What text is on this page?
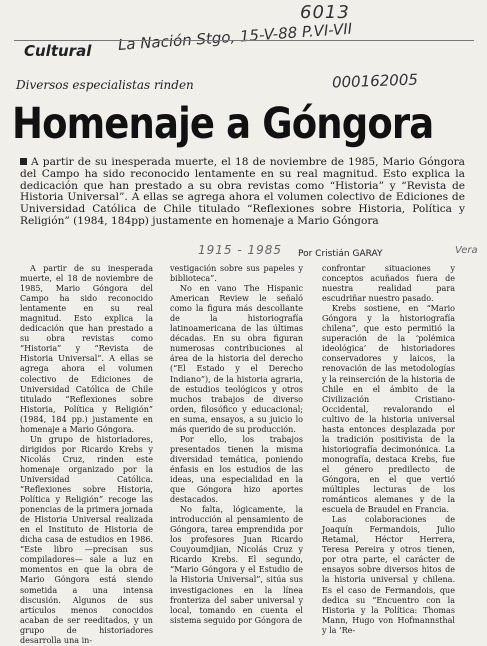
6013
La Nación Stgo, 15-V-88 P.VI-VII
000162005
Cultural
Diversos especialistas rinden
Homenaje a Góngora
A partir de su inesperada muerte, el 18 de noviembre de 1985, Mario Góngora del Campo ha sido reconocido lentamente en su real magnitud. Esto explica la dedicación que han prestado a su obra revistas como “Historia” y “Revista de Historia Universal”. A ellas se agrega ahora el volumen colectivo de Ediciones de Universidad Católica de Chile titulado “Reflexiones sobre Historia, Política y Religión” (1984, 184pp) justamente en homenaje a Mario Góngora
1915 - 1985 Por Cristián GARAY	Vera

A partir de su inesperada muerte, el 18 de noviembre de 1985, Mario Góngora del Campo ha sido reconocido lentamente en su real magnitud. Esto explica la dedicación que han prestado a su obra revistas como “Historia” y “Revista de Historia Universal”. A ellas se agrega ahora el volumen colectivo de Ediciones de Universidad Católica de Chile titulado “Reflexiones sobre Historia, Política y Religión” (1984, 184 pp.) justamente en homenaje a Mario Góngora.

Un grupo de historiadores, dirigidos por Ricardo Krebs y Nicolás Cruz, rinden este homenaje organizado por la Universidad Católica. “Reflexiones sobre Historia, Política y Religión” recoge las ponencias de la primera jornada de Historia Universal realizada en el Instituto de Historia de dicha casa de estudios en 1986. “Este libro —precisan sus compiladores— sale a luz en momentos en que la obra de Mario Góngora está siendo sometida a una intensa discusión. Algunos de sus artículos menos conocidos acaban de ser reeditados, y un grupo de historiadores desarrolla una in-

vestigación sobre sus papeles y biblioteca”.

No en vano The Hispanic American Review le señaló como la figura más descollante de la historiografía latinoamericana de las últimas décadas. En su obra figuran numerosas contribuciones al área de la historia del derecho (“El Estado y el Derecho Indiano”), de la historia agraria, de estudios teológicos y otros muchos trabajos de diverso orden, filosófico y educacional; en suma, ensayos, a su juicio lo más querido de su producción.

Por ello, los trabajos presentados tienen la misma diversidad temática, poniendo énfasis en los estudios de las ideas, una especialidad en la que Góngora hizo aportes destacados.

No falta, lógicamente, la introducción al pensamiento de Góngora, tarea emprendida por los profesores Juan Ricardo Couyoumdjian, Nicolás Cruz y Ricardo Krebs. El segundo, “Mario Góngora y el Estudio de la Historia Universal”, sitúa sus investigaciones en la línea fronteriza del saber universal y local, tomando en cuenta el sistema seguido por Góngora de

confrontar situaciones y conceptos acuñados fuera de nuestra realidad para escudriñar nuestro pasado.

Krebs sostiene, en “Mario Góngora y la historiografía chilena”, que esto permitió la superación de la ‘polémica ideológica’ de historiadores conservadores y laicos, la renovación de las metodologías y la reinserción de la historia de Chile en el ámbito de la Civilización Cristiano-Occidental, revalorando el cultivo de la historia universal hasta entonces desplazada por la tradición positivista de la historiografía decimonónica. La monografía, destaca Krebs, fue el género predilecto de Góngora, en el que vertió múltiples lecturas de los románticos alemanes y de la escuela de Braudel en Francia.

Las colaboraciones de Joaquín Fermandois, Julio Retamal, Héctor Herrera, Teresa Pereira y otros tienen, por otra parte, el carácter de ensayos sobre diversos hitos de la historia universal y chilena. Es el caso de Fermandois, que dedica su “Encuentro con la Historia y la Política: Thomas Mann, Hugo von Hofmannsthal y la ‘Re-
